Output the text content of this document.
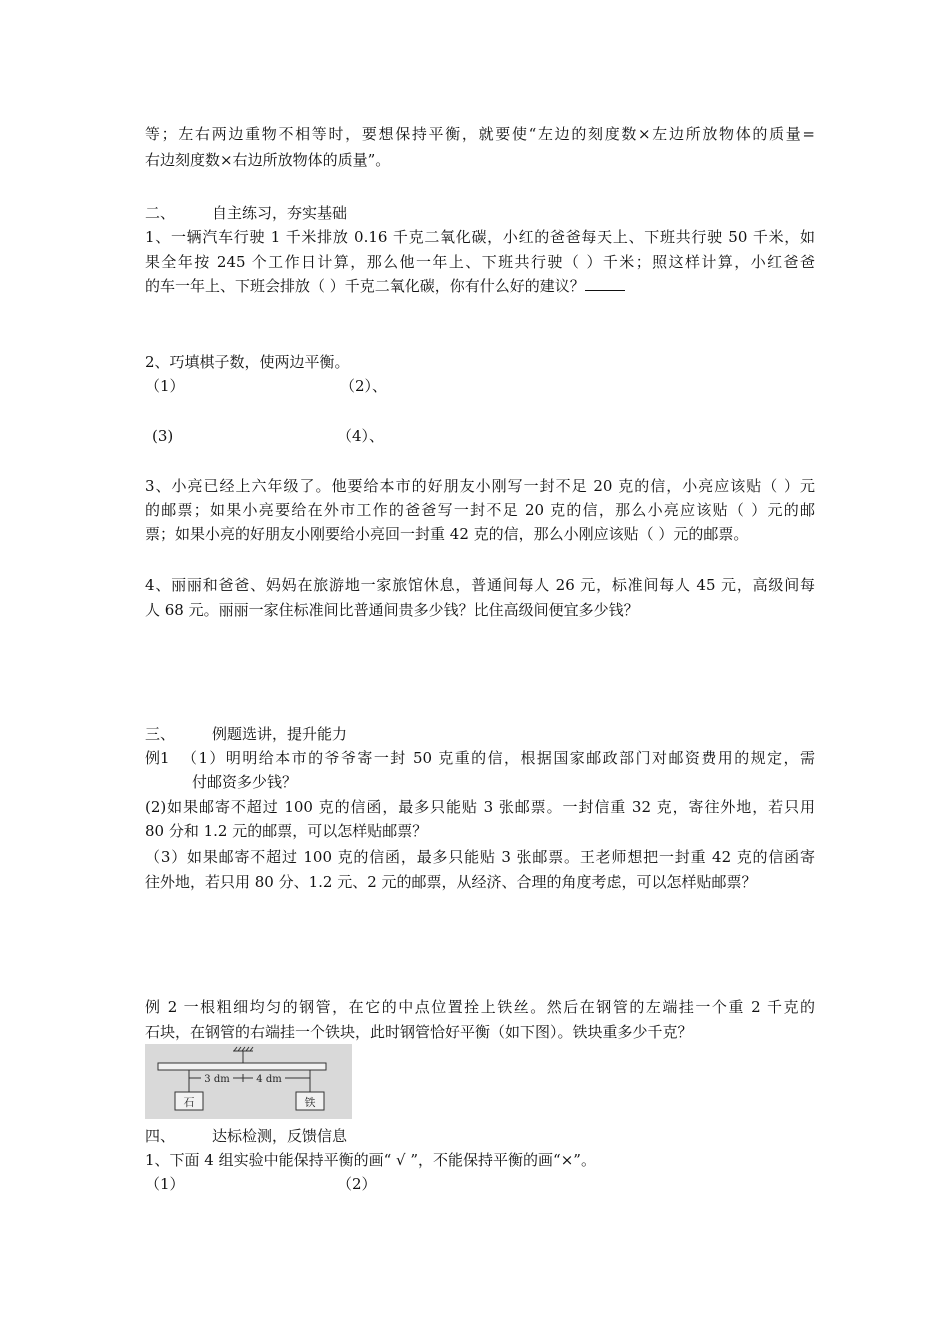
等；左右两边重物不相等时，要想保持平衡，就要使“左边的刻度数×左边所放物体的质量=
右边刻度数×右边所放物体的质量”。
二、 自主练习，夯实基础
1、一辆汽车行驶 1 千米排放 0.16 千克二氧化碳，小红的爸爸每天上、下班共行驶 50 千米，如
果全年按 245 个工作日计算，那么他一年上、下班共行驶（ ）千米；照这样计算，小红爸爸
的车一年上、下班会排放（ ）千克二氧化碳，你有什么好的建议？
2、巧填棋子数，使两边平衡。
（1）	（2）、
(3)	（4）、
3、小亮已经上六年级了。他要给本市的好朋友小刚写一封不足 20 克的信，小亮应该贴（ ）元
的邮票；如果小亮要给在外市工作的爸爸写一封不足 20 克的信，那么小亮应该贴（ ）元的邮
票；如果小亮的好朋友小刚要给小亮回一封重 42 克的信，那么小刚应该贴（ ）元的邮票。
4、丽丽和爸爸、妈妈在旅游地一家旅馆休息，普通间每人 26 元，标准间每人 45 元，高级间每
人 68 元。丽丽一家住标准间比普通间贵多少钱？比住高级间便宜多少钱？
三、 例题选讲，提升能力
例1 （1）明明给本市的爷爷寄一封 50 克重的信，根据国家邮政部门对邮资费用的规定，需
付邮资多少钱？
(2)如果邮寄不超过 100 克的信函，最多只能贴 3 张邮票。一封信重 32 克，寄往外地，若只用
80 分和 1.2 元的邮票，可以怎样贴邮票？
（3）如果邮寄不超过 100 克的信函，最多只能贴 3 张邮票。王老师想把一封重 42 克的信函寄
往外地，若只用 80 分、1.2 元、2 元的邮票，从经济、合理的角度考虑，可以怎样贴邮票？
例 2 一根粗细均匀的钢管，在它的中点位置拴上铁丝。然后在钢管的左端挂一个重 2 千克的
石块，在钢管的右端挂一个铁块，此时钢管恰好平衡（如下图）。铁块重多少千克？
3 dm	4 dm
石	铁
四、 达标检测，反馈信息
1、下面 4 组实验中能保持平衡的画“ √ ”，不能保持平衡的画“×”。
（1）	（2）
